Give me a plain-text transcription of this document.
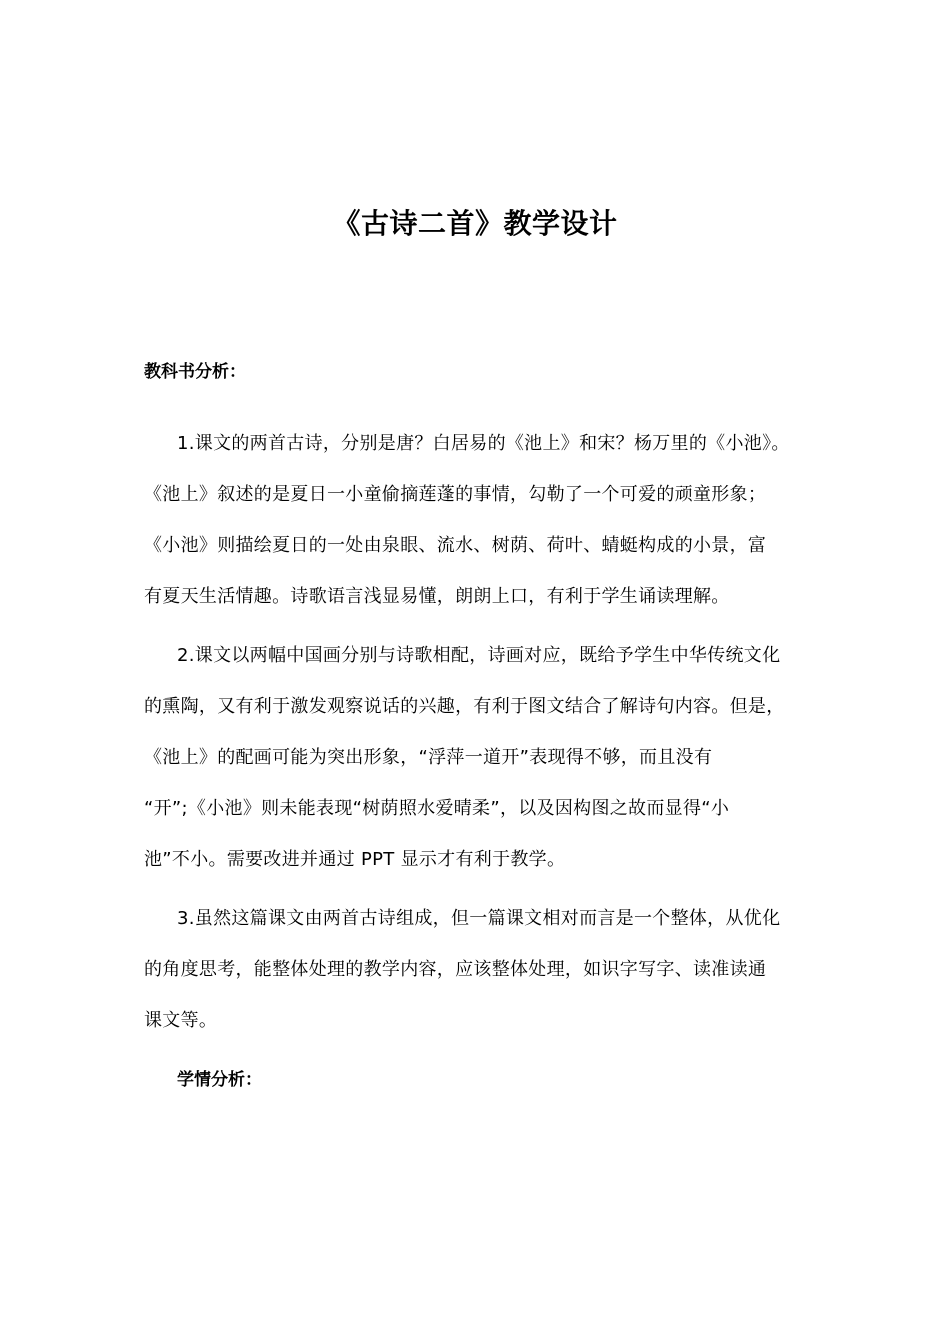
《古诗二首》教学设计
教科书分析：
1.课文的两首古诗，分别是唐？白居易的《池上》和宋？杨万里的《小池》。
《池上》叙述的是夏日一小童偷摘莲蓬的事情，勾勒了一个可爱的顽童形象；
《小池》则描绘夏日的一处由泉眼、流水、树荫、荷叶、蜻蜓构成的小景，富
有夏天生活情趣。诗歌语言浅显易懂，朗朗上口，有利于学生诵读理解。
2.课文以两幅中国画分别与诗歌相配，诗画对应，既给予学生中华传统文化
的熏陶，又有利于激发观察说话的兴趣，有利于图文结合了解诗句内容。但是，
《池上》的配画可能为突出形象，“浮萍一道开”表现得不够，而且没有
“开”;《小池》则未能表现“树荫照水爱晴柔”，以及因构图之故而显得“小
池”不小。需要改进并通过 PPT 显示才有利于教学。
3.虽然这篇课文由两首古诗组成，但一篇课文相对而言是一个整体，从优化
的角度思考，能整体处理的教学内容，应该整体处理，如识字写字、读准读通
课文等。
学情分析：
